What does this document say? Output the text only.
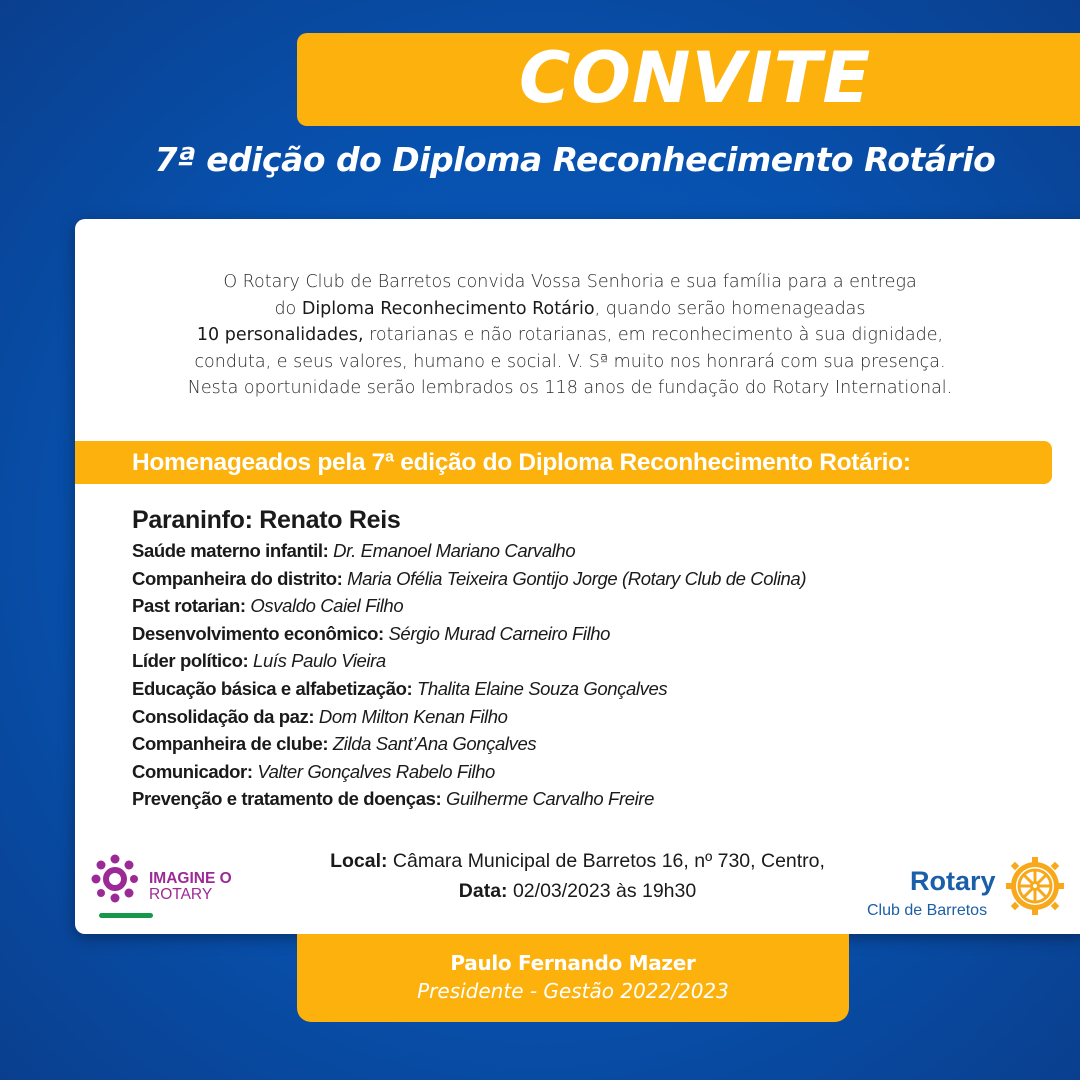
CONVITE
7ª edição do Diploma Reconhecimento Rotário
O Rotary Club de Barretos convida Vossa Senhoria e sua família para a entrega
do Diploma Reconhecimento Rotário, quando serão homenageadas
10 personalidades, rotarianas e não rotarianas, em reconhecimento à sua dignidade,
conduta, e seus valores, humano e social. V. Sª muito nos honrará com sua presença.
Nesta oportunidade serão lembrados os 118 anos de fundação do Rotary International.
Homenageados pela 7ª edição do Diploma Reconhecimento Rotário:
Paraninfo: Renato Reis
Saúde materno infantil: Dr. Emanoel Mariano Carvalho
Companheira do distrito: Maria Ofélia Teixeira Gontijo Jorge (Rotary Club de Colina)
Past rotarian: Osvaldo Caiel Filho
Desenvolvimento econômico: Sérgio Murad Carneiro Filho
Líder político: Luís Paulo Vieira
Educação básica e alfabetização: Thalita Elaine Souza Gonçalves
Consolidação da paz: Dom Milton Kenan Filho
Companheira de clube: Zilda Sant’Ana Gonçalves
Comunicador: Valter Gonçalves Rabelo Filho
Prevenção e tratamento de doenças: Guilherme Carvalho Freire
Local: Câmara Municipal de Barretos 16, nº 730, Centro,
Data: 02/03/2023 às 19h30
IMAGINE O
ROTARY	Rotary
Club de Barretos
Paulo Fernando Mazer
Presidente - Gestão 2022/2023
